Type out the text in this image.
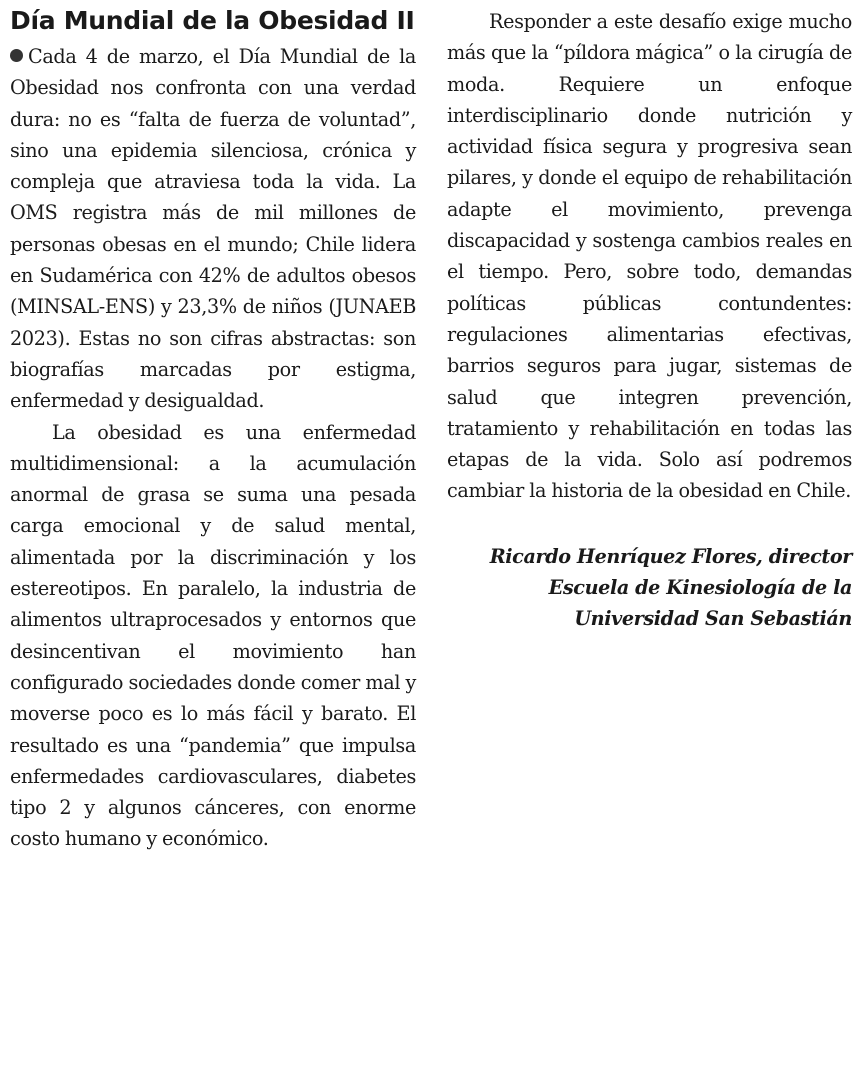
Día Mundial de la Obesidad II

Cada 4 de marzo, el Día Mundial de la Obesidad nos confronta con una verdad dura: no es “falta de fuerza de voluntad”, sino una epidemia silenciosa, crónica y compleja que atraviesa toda la vida. La OMS registra más de mil millones de personas obesas en el mundo; Chile lidera en Sudamérica con 42% de adultos obesos (MINSAL-ENS) y 23,3% de niños (JUNAEB 2023). Estas no son cifras abstractas: son biografías marcadas por estigma, enfermedad y desigualdad.

La obesidad es una enfermedad multidimensional: a la acumulación anormal de grasa se suma una pesada carga emocional y de salud mental, alimentada por la discriminación y los estereotipos. En paralelo, la industria de alimentos ultraprocesados y entornos que desincentivan el movimiento han configurado sociedades donde comer mal y moverse poco es lo más fácil y barato. El resultado es una “pandemia” que impulsa enfermedades cardiovasculares, diabetes tipo 2 y algunos cánceres, con enorme costo humano y económico.

Responder a este desafío exige mucho más que la “píldora mágica” o la cirugía de moda. Requiere un enfoque interdisciplinario donde nutrición y actividad física segura y progresiva sean pilares, y donde el equipo de rehabilitación adapte el movimiento, prevenga discapacidad y sostenga cambios reales en el tiempo. Pero, sobre todo, demandas políticas públicas contundentes: regulaciones alimentarias efectivas, barrios seguros para jugar, sistemas de salud que integren prevención, tratamiento y rehabilitación en todas las etapas de la vida. Solo así podremos cambiar la historia de la obesidad en Chile.

Ricardo Henríquez Flores, director Escuela de Kinesiología de la Universidad San Sebastián
